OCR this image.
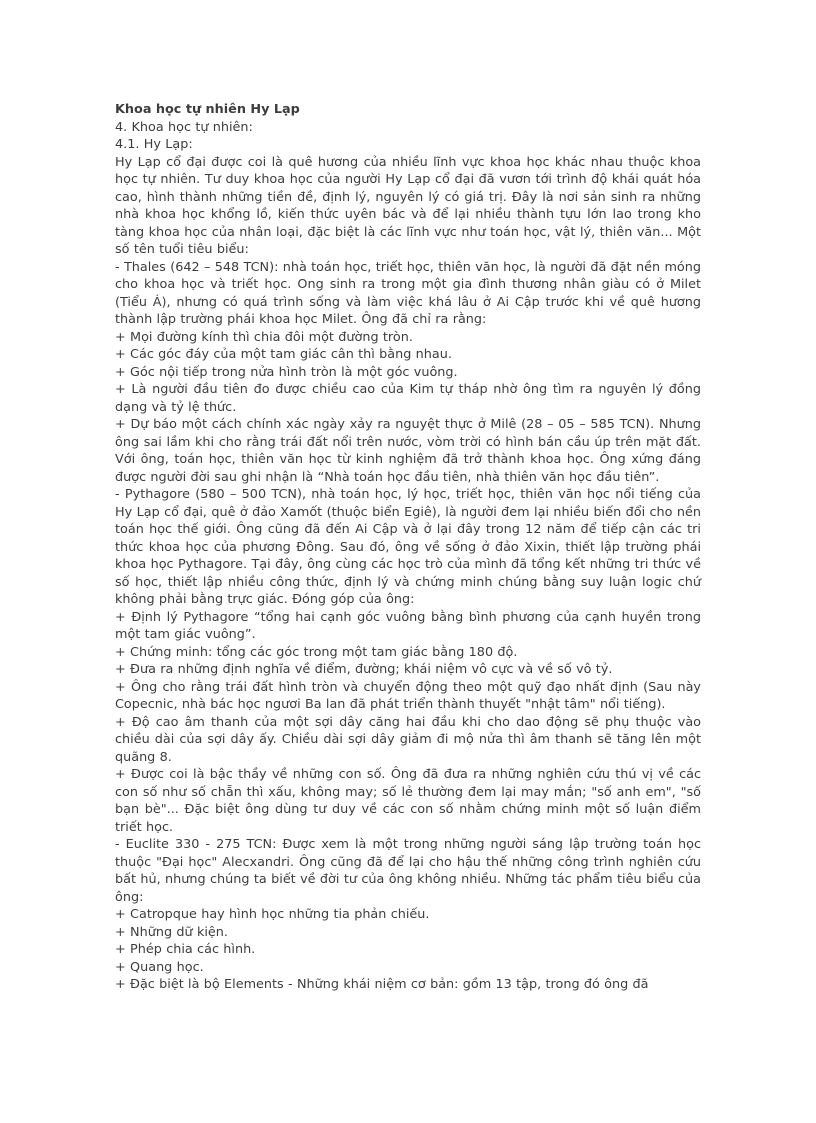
Khoa học tự nhiên Hy Lạp

4. Khoa học tự nhiên:

4.1. Hy Lạp:

Hy Lạp cổ đại được coi là quê hương của nhiều lĩnh vực khoa học khác nhau thuộc khoa học tự nhiên. Tư duy khoa học của người Hy Lạp cổ đại đã vươn tới trình độ khái quát hóa cao, hình thành những tiền đề, định lý, nguyên lý có giá trị. Đây là nơi sản sinh ra những nhà khoa học khổng lồ, kiến thức uyên bác và để lại nhiều thành tựu lớn lao trong kho tàng khoa học của nhân loại, đặc biệt là các lĩnh vực như toán học, vật lý, thiên văn... Một số tên tuổi tiêu biểu:

- Thales (642 – 548 TCN): nhà toán học, triết học, thiên văn học, là người đã đặt nền móng cho khoa học và triết học. Ong sinh ra trong một gia đình thương nhân giàu có ở Milet (Tiểu Á), nhưng có quá trình sống và làm việc khá lâu ở Ai Cập trước khi về quê hương thành lập trường phái khoa học Milet. Ông đã chỉ ra rằng:

+ Mọi đường kính thì chia đôi một đường tròn.

+ Các góc đáy của một tam giác cân thì bằng nhau.

+ Góc nội tiếp trong nửa hình tròn là một góc vuông.

+ Là người đầu tiên đo được chiều cao của Kim tự tháp nhờ ông tìm ra nguyên lý đồng dạng và tỷ lệ thức.

+ Dự báo một cách chính xác ngày xảy ra nguyệt thực ở Milê (28 – 05 – 585 TCN). Nhưng ông sai lầm khi cho rằng trái đất nổi trên nước, vòm trời có hình bán cầu úp trên mặt đất. Với ông, toán học, thiên văn học từ kinh nghiệm đã trở thành khoa học. Ông xứng đáng được người đời sau ghi nhận là “Nhà toán học đầu tiên, nhà thiên văn học đầu tiên”.

- Pythagore (580 – 500 TCN), nhà toán học, lý học, triết học, thiên văn học nổi tiếng của Hy Lạp cổ đại, quê ở đảo Xamốt (thuộc biển Egiê), là người đem lại nhiều biến đổi cho nền toán học thế giới. Ông cũng đã đến Ai Cập và ở lại đây trong 12 năm để tiếp cận các tri thức khoa học của phương Đông. Sau đó, ông về sống ở đảo Xixin, thiết lập trường phái khoa học Pythagore. Tại đây, ông cùng các học trò của mình đã tổng kết những tri thức về số học, thiết lập nhiều công thức, định lý và chứng minh chúng bằng suy luận logic chứ không phải bằng trực giác. Đóng góp của ông:

+ Định lý Pythagore “tổng hai cạnh góc vuông bằng bình phương của cạnh huyền trong một tam giác vuông”.

+ Chứng minh: tổng các góc trong một tam giác bằng 180 độ.

+ Đưa ra những định nghĩa về điểm, đường; khái niệm vô cực và về số vô tỷ.

+ Ông cho rằng trái đất hình tròn và chuyển động theo một quỹ đạo nhất định (Sau này Copecnic, nhà bác học ngươi Ba lan đã phát triển thành thuyết "nhật tâm" nổi tiếng).

+ Độ cao âm thanh của một sợi dây căng hai đầu khi cho dao động sẽ phụ thuộc vào chiều dài của sợi dây ấy. Chiều dài sợi dây giảm đi mộ nửa thì âm thanh sẽ tăng lên một quãng 8.

+ Được coi là bậc thầy về những con số. Ông đã đưa ra những nghiên cứu thú vị về các con số như số chẵn thì xấu, không may; số lẻ thường đem lại may mắn; "số anh em", "số bạn bè"... Đặc biệt ông dùng tư duy về các con số nhằm chứng minh một số luận điểm triết học.

- Euclite 330 - 275 TCN: Được xem là một trong những người sáng lập trường toán học thuộc "Đại học" Alecxandri. Ông cũng đã để lại cho hậu thế những công trình nghiên cứu bất hủ, nhưng chúng ta biết về đời tư của ông không nhiều. Những tác phẩm tiêu biểu của ông:

+ Catropque hay hình học những tia phản chiếu.

+ Những dữ kiện.

+ Phép chia các hình.

+ Quang học.

+ Đặc biệt là bộ Elements - Những khái niệm cơ bản: gồm 13 tập, trong đó ông đã
